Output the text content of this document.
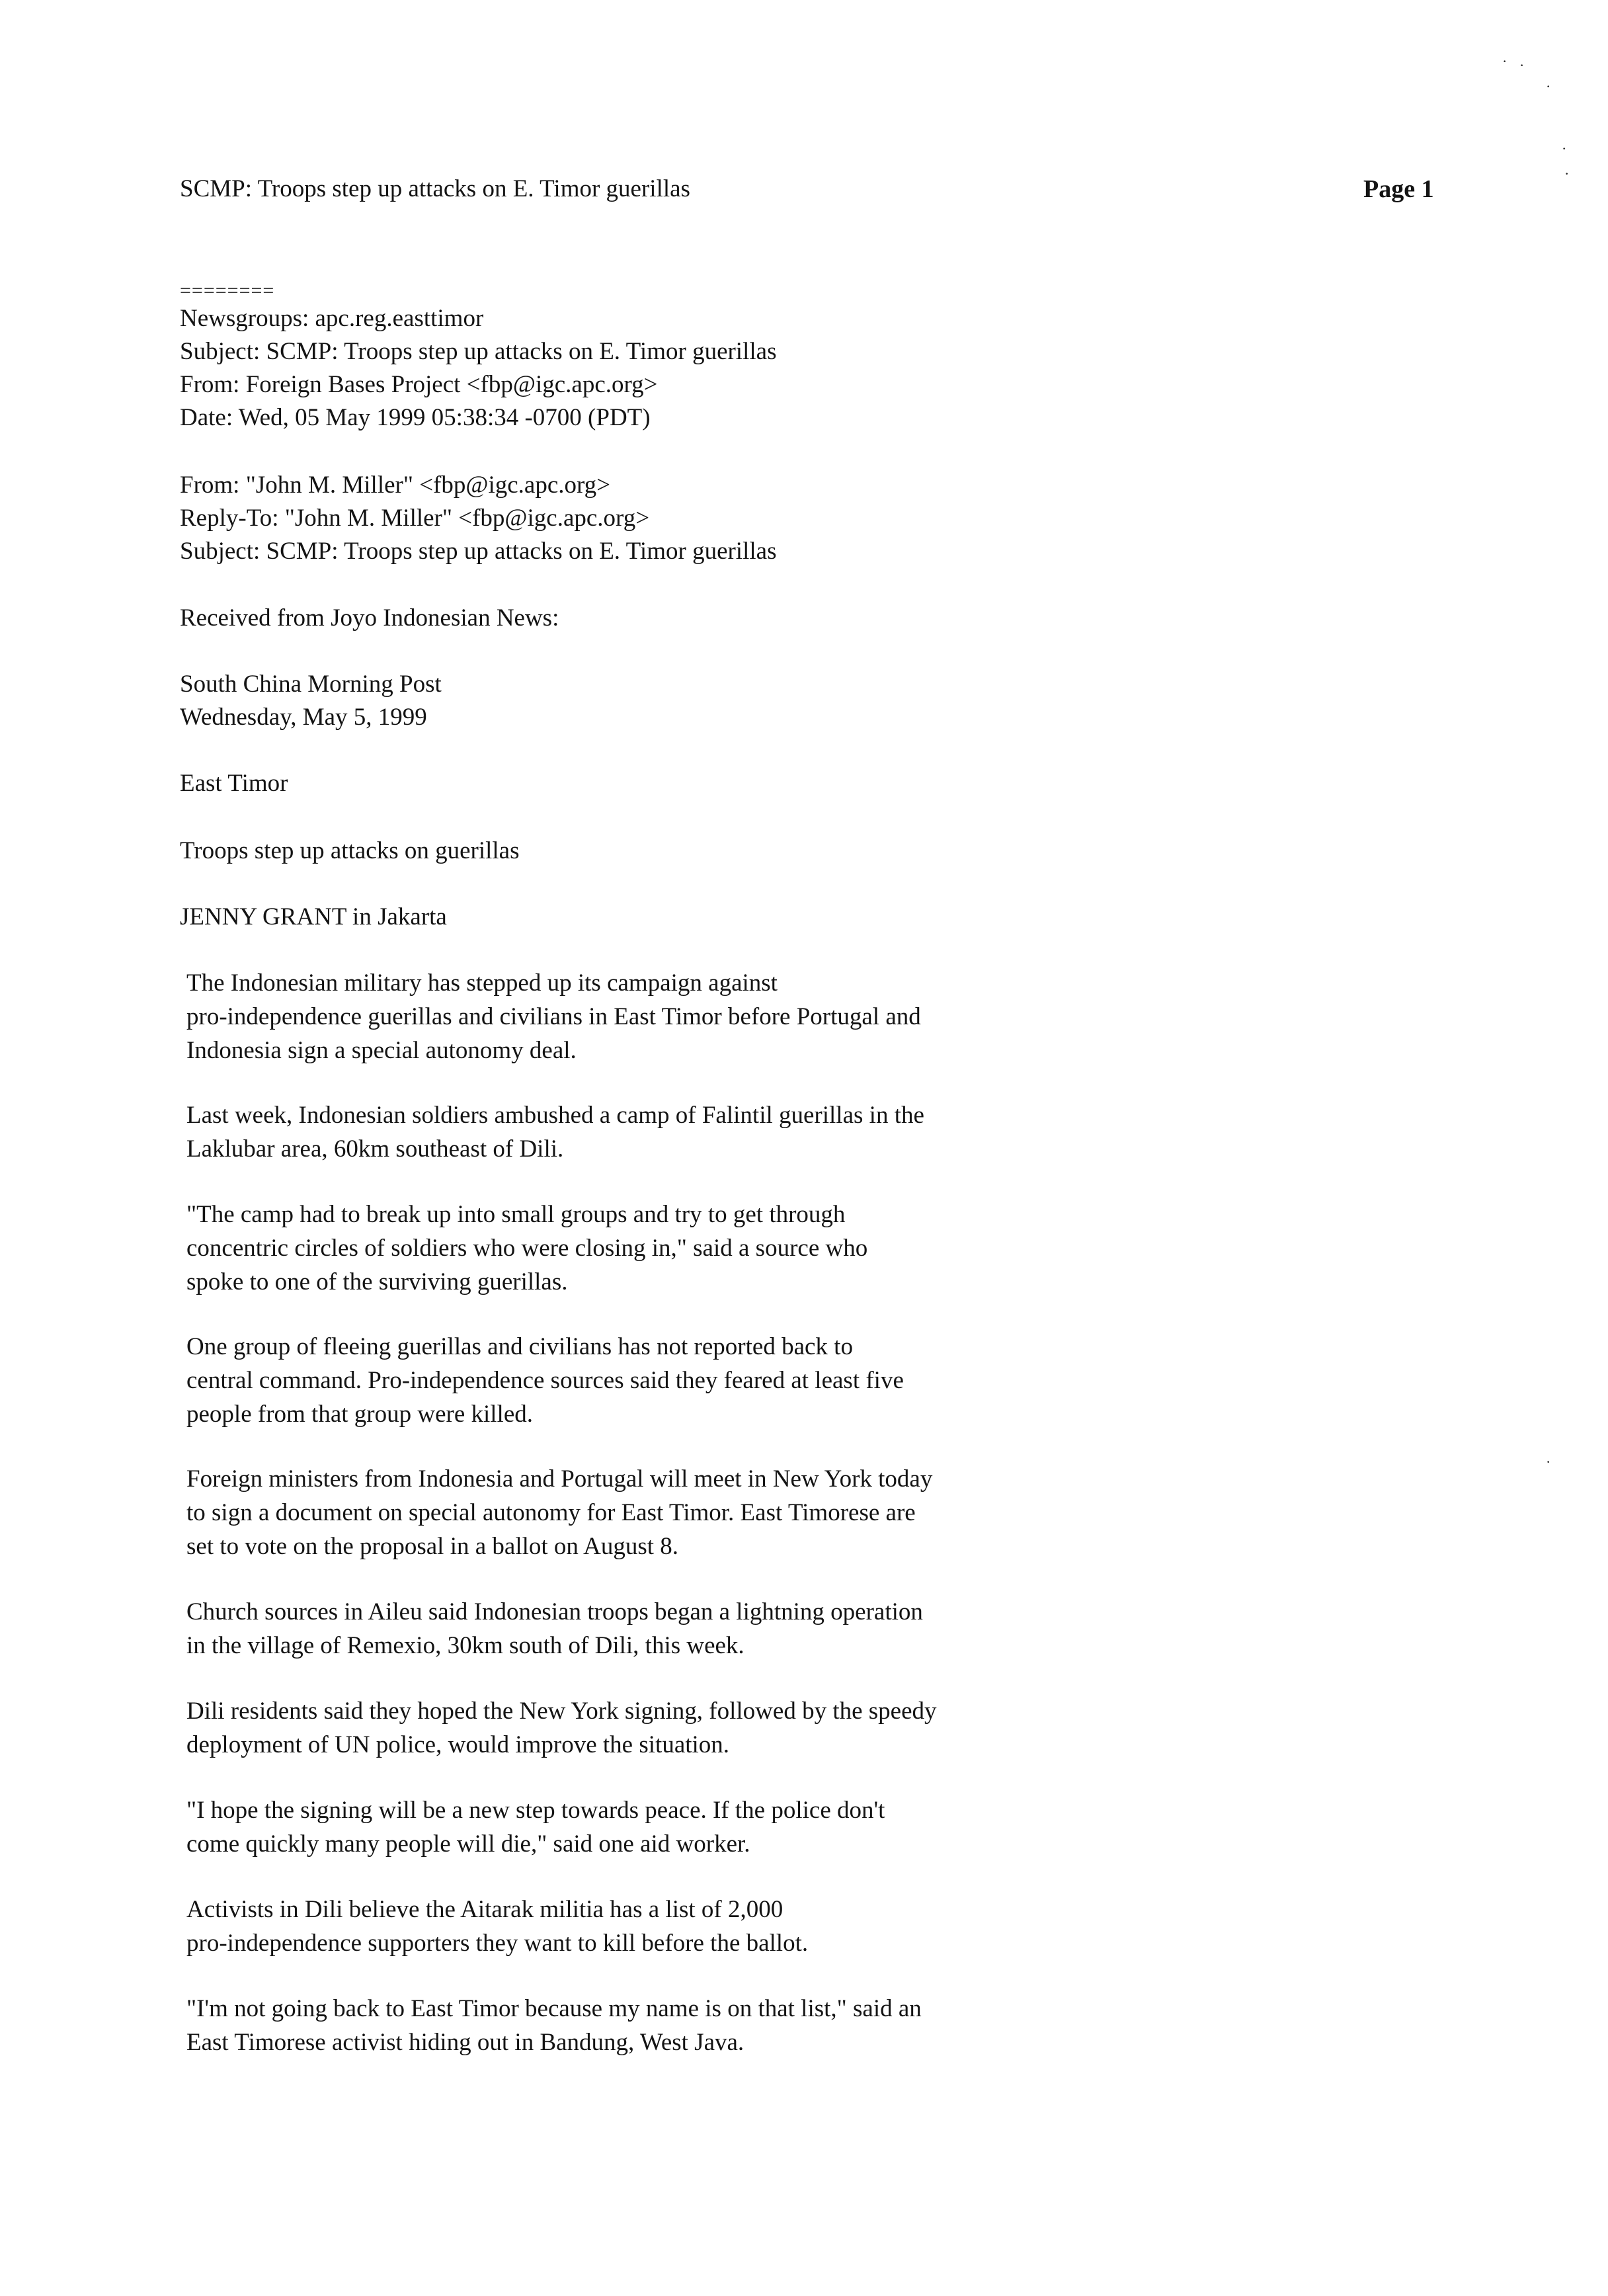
SCMP: Troops step up attacks on E. Timor guerillas	Page 1
========
Newsgroups: apc.reg.easttimor
Subject: SCMP: Troops step up attacks on E. Timor guerillas
From: Foreign Bases Project <fbp@igc.apc.org>
Date: Wed, 05 May 1999 05:38:34 -0700 (PDT)
From: "John M. Miller" <fbp@igc.apc.org>
Reply-To: "John M. Miller" <fbp@igc.apc.org>
Subject: SCMP: Troops step up attacks on E. Timor guerillas
Received from Joyo Indonesian News:
South China Morning Post
Wednesday, May 5, 1999
East Timor
Troops step up attacks on guerillas
JENNY GRANT in Jakarta
The Indonesian military has stepped up its campaign against
pro-independence guerillas and civilians in East Timor before Portugal and
Indonesia sign a special autonomy deal.
Last week, Indonesian soldiers ambushed a camp of Falintil guerillas in the
Laklubar area, 60km southeast of Dili.
"The camp had to break up into small groups and try to get through
concentric circles of soldiers who were closing in," said a source who
spoke to one of the surviving guerillas.
One group of fleeing guerillas and civilians has not reported back to
central command. Pro-independence sources said they feared at least five
people from that group were killed.
Foreign ministers from Indonesia and Portugal will meet in New York today
to sign a document on special autonomy for East Timor. East Timorese are
set to vote on the proposal in a ballot on August 8.
Church sources in Aileu said Indonesian troops began a lightning operation
in the village of Remexio, 30km south of Dili, this week.
Dili residents said they hoped the New York signing, followed by the speedy
deployment of UN police, would improve the situation.
"I hope the signing will be a new step towards peace. If the police don't
come quickly many people will die," said one aid worker.
Activists in Dili believe the Aitarak militia has a list of 2,000
pro-independence supporters they want to kill before the ballot.
"I'm not going back to East Timor because my name is on that list," said an
East Timorese activist hiding out in Bandung, West Java.
· ·
·
·
·
·
